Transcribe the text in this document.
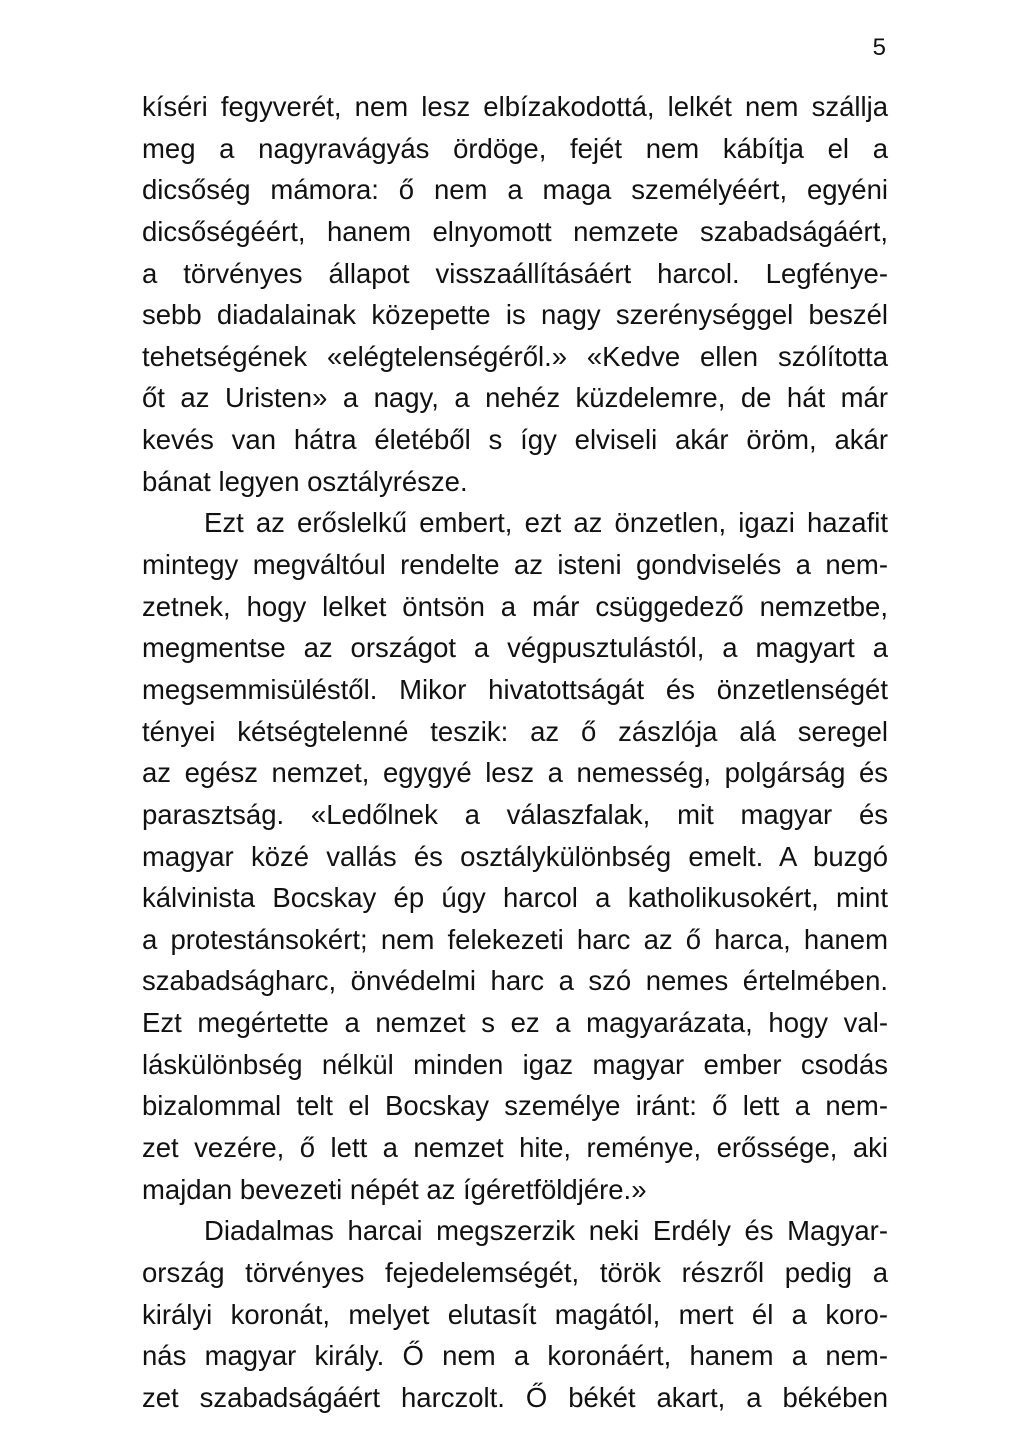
5
kíséri fegyverét, nem lesz elbízakodottá, lelkét nem szállja
meg a nagyravágyás ördöge, fejét nem kábítja el a
dicsőség mámora: ő nem a maga személyéért, egyéni
dicsőségéért, hanem elnyomott nemzete szabadságáért,
a törvényes állapot visszaállításáért harcol. Legfénye-
sebb diadalainak közepette is nagy szerénységgel beszél
tehetségének «elégtelenségéről.» «Kedve ellen szólította
őt az Uristen» a nagy, a nehéz küzdelemre, de hát már
kevés van hátra életéből s így elviseli akár öröm, akár
bánat legyen osztályrésze.
Ezt az erőslelkű embert, ezt az önzetlen, igazi hazafit
mintegy megváltóul rendelte az isteni gondviselés a nem-
zetnek, hogy lelket öntsön a már csüggedező nemzetbe,
megmentse az országot a végpusztulástól, a magyart a
megsemmisüléstől. Mikor hivatottságát és önzetlenségét
tényei kétségtelenné teszik: az ő zászlója alá seregel
az egész nemzet, egygyé lesz a nemesség, polgárság és
parasztság. «Ledőlnek a válaszfalak, mit magyar és
magyar közé vallás és osztálykülönbség emelt. A buzgó
kálvinista Bocskay ép úgy harcol a katholikusokért, mint
a protestánsokért; nem felekezeti harc az ő harca, hanem
szabadságharc, önvédelmi harc a szó nemes értelmében.
Ezt megértette a nemzet s ez a magyarázata, hogy val-
láskülönbség nélkül minden igaz magyar ember csodás
bizalommal telt el Bocskay személye iránt: ő lett a nem-
zet vezére, ő lett a nemzet hite, reménye, erőssége, aki
majdan bevezeti népét az ígéretföldjére.»
Diadalmas harcai megszerzik neki Erdély és Magyar-
ország törvényes fejedelemségét, török részről pedig a
királyi koronát, melyet elutasít magától, mert él a koro-
nás magyar király. Ő nem a koronáért, hanem a nem-
zet szabadságáért harczolt. Ő békét akart, a békében
